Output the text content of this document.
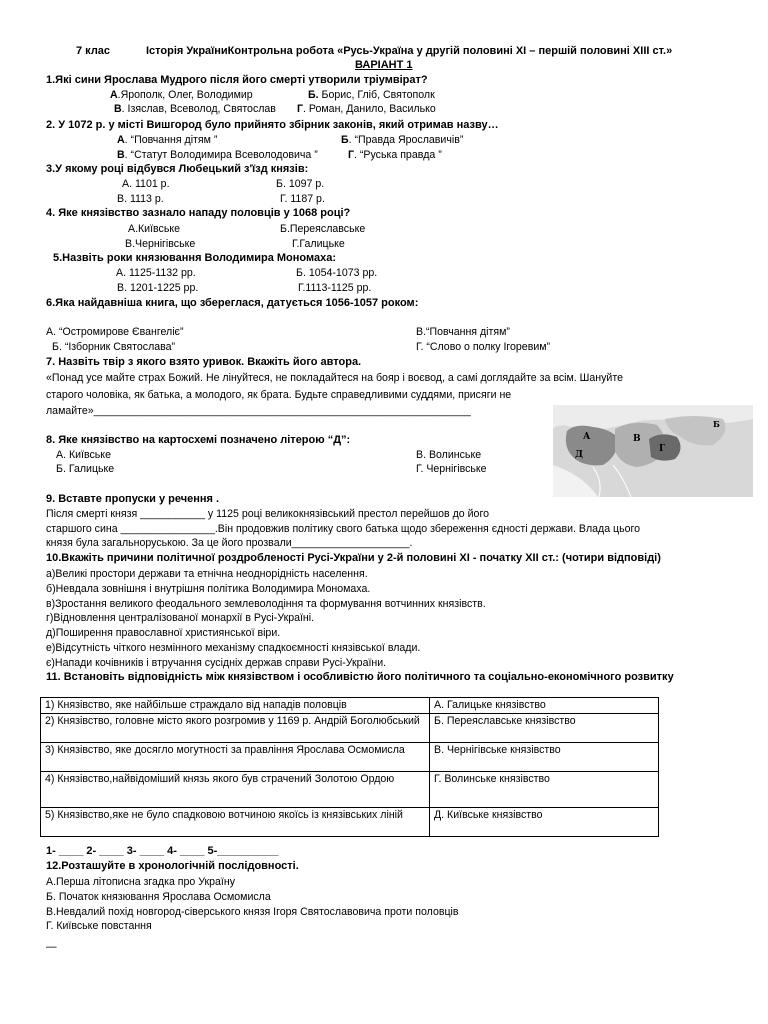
7 клас	Історія УкраїниКонтрольна робота «Русь-Україна у другій половині ХІ – першій половині ХІІІ ст.»
ВАРІАНТ 1
1.Які сини Ярослава Мудрого після його смерті утворили тріумвірат?
А.Ярополк, Олег, Володимир	Б. Борис, Гліб, Святополк
В. Ізяслав, Всеволод, Святослав Г. Роман, Данило, Василько
2. У 1072 р. у місті Вишгород було прийнято збірник законів, який отримав назву…
А. “Повчання дітям ”	Б. “Правда Ярославичів”
В. “Статут Володимира Всеволодовича ”	Г. “Руська правда ”
3.У якому році відбувся Любецький з'їзд князів:
А. 1101 р.	Б. 1097 р.
В. 1113 р.	Г. 1187 р.
4. Яке князівство зазнало нападу половців у 1068 році?
А.Київське	Б.Переяславське
В.Чернігівське	Г.Галицьке
5.Назвіть роки князювання Володимира Мономаха:
А. 1125-1132 рр.	Б. 1054-1073 рр.
В. 1201-1225 рр.	Г.1113-1125 рр.
6.Яка найдавніша книга, що збереглася, датується 1056-1057 роком:
А. “Остромирове Євангеліє”	В.“Повчання дітям”
Б. “Ізборник Святослава”	Г. “Слово о полку Ігоревим”
7. Назвіть твір з якого взято уривок. Вкажіть його автора.
«Понад усе майте страх Божий. Не лінуйтеся, не покладайтеся на бояр і воєвод, а самі доглядайте за всім. Шануйте
старого чоловіка, як батька, а молодого, як брата. Будьте справедливими суддями, присяги не
ламайте»________________________________________________________________
А
Б
В
Г
Д
8. Яке князівство на картосхемі позначено літерою “Д”:
А. Київське	В. Волинське
Б. Галицьке	Г. Чернігівське
9. Вставте пропуски у речення .
Після смерті князя ___________ у 1125 році великокнязівський престол перейшов до його
старшого сина ________________.Він продовжив політику свого батька щодо збереження єдності держави. Влада цього
князя була загальноруською. За це його прозвали____________________.
10.Вкажіть причини політичної роздробленості Русі-України у 2-й половині ХІ - початку ХІІ ст.: (чотири відповіді)
а)Великі простори держави та етнічна неоднорідність населення.
б)Невдала зовнішня і внутрішня політика Володимира Мономаха.
в)Зростання великого феодального землеволодіння та формування вотчинних князівств.
г)Відновлення централізованої монархії в Русі-Україні.
д)Поширення православної християнської віри.
е)Відсутність чіткого незмінного механізму спадкоємності князівської влади.
є)Напади кочівників і втручання сусідніх держав справи Русі-України.
11. Встановіть відповідність між князівством і особливістю його політичного та соціально-економічного розвитку
1) Князівство, яке найбільше страждало від нападів половців	А. Галицьке князівство
2) Князівство, головне місто якого розгромив у 1169 р. Андрій Боголюбський	Б. Переяславське князівство
3) Князівство, яке досягло могутності за правління Ярослава Осмомисла	В. Чернігівське князівство
4) Князівство,найвідоміший князь якого був страчений Золотою Ордою	Г. Волинське князівство
5) Князівство,яке не було спадковою вотчиною якоїсь із князівських ліній	Д. Київське князівство
1- ____ 2- ____ 3- ____ 4- ____ 5-__________
12.Розташуйте в хронологічній послідовності.
А.Перша літописна згадка про Україну
Б. Початок князювання Ярослава Осмомисла
В.Невдалий похід новгород-сіверського князя Ігоря Святославовича проти половців
Г. Київське повстання
—
